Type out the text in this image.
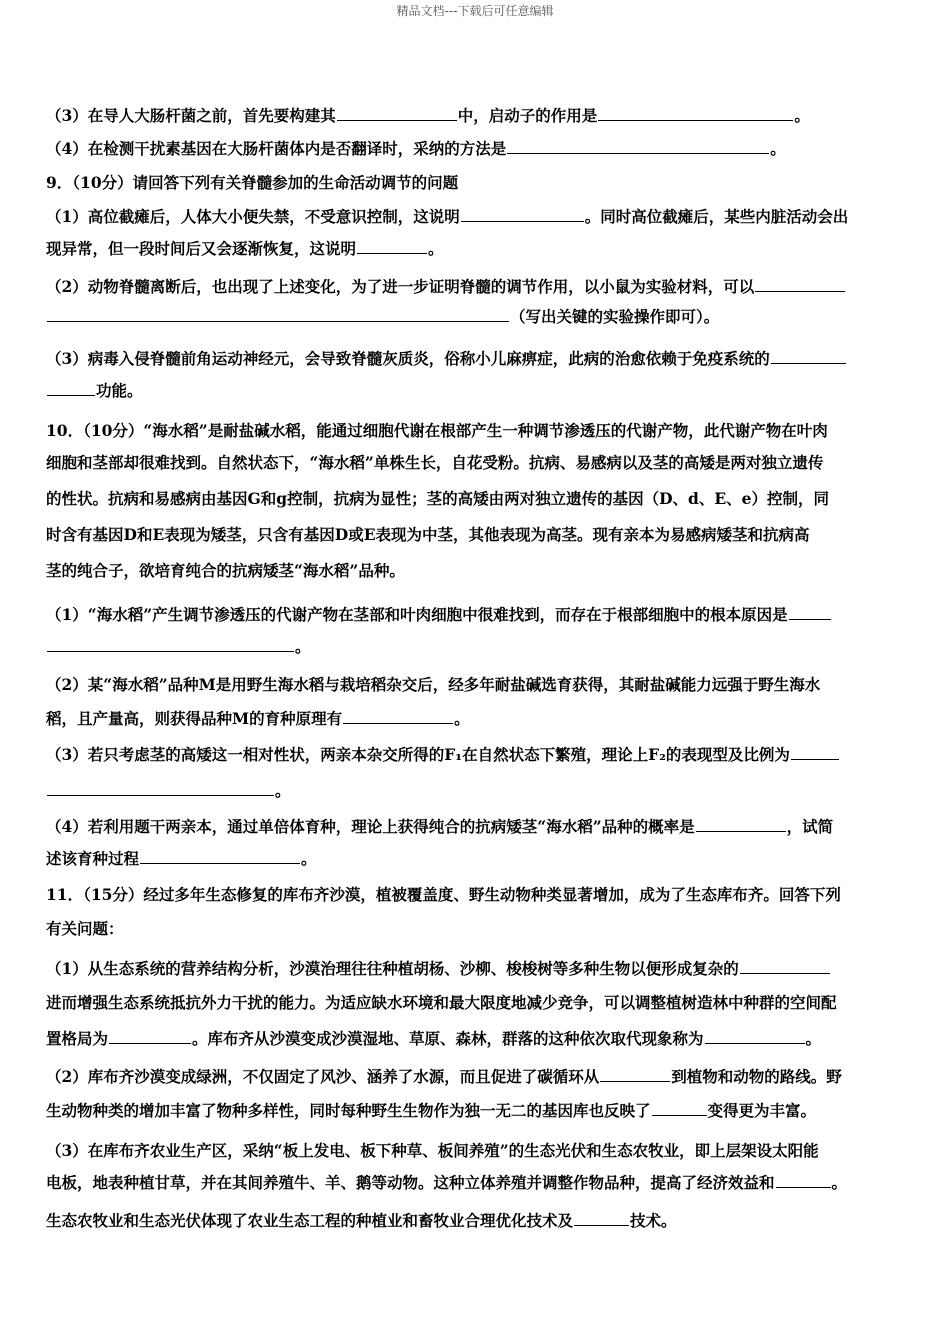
精品文档---下载后可任意编辑
（3）在导人大肠杆菌之前，首先要构建其	中，启动子的作用是	。
（4）在检测干扰素基因在大肠杆菌体内是否翻译时，采纳的方法是	。
9．（10分）请回答下列有关脊髓参加的生命活动调节的问题
（1）高位截瘫后，人体大小便失禁，不受意识控制，这说明	。同时高位截瘫后，某些内脏活动会出
现异常，但一段时间后又会逐渐恢复，这说明	。
（2）动物脊髓离断后，也出现了上述变化，为了进一步证明脊髓的调节作用，以小鼠为实验材料，可以
（写出关键的实验操作即可）。
（3）病毒入侵脊髓前角运动神经元，会导致脊髓灰质炎，俗称小儿麻痹症，此病的治愈依赖于免疫系统的
功能。
10．（10分）“海水稻”是耐盐碱水稻，能通过细胞代谢在根部产生一种调节渗透压的代谢产物，此代谢产物在叶肉
细胞和茎部却很难找到。自然状态下，“海水稻”单株生长，自花受粉。抗病、易感病以及茎的高矮是两对独立遗传
的性状。抗病和易感病由基因G和g控制，抗病为显性；茎的高矮由两对独立遗传的基因（D、d、E、e）控制，同
时含有基因D和E表现为矮茎，只含有基因D或E表现为中茎，其他表现为高茎。现有亲本为易感病矮茎和抗病高
茎的纯合子，欲培育纯合的抗病矮茎“海水稻”品种。
（1）“海水稻”产生调节渗透压的代谢产物在茎部和叶肉细胞中很难找到，而存在于根部细胞中的根本原因是
。
（2）某“海水稻”品种M是用野生海水稻与栽培稻杂交后，经多年耐盐碱选育获得，其耐盐碱能力远强于野生海水
稻，且产量高，则获得品种M的育种原理有	。
（3）若只考虑茎的高矮这一相对性状，两亲本杂交所得的F₁在自然状态下繁殖，理论上F₂的表现型及比例为
。
（4）若利用题干两亲本，通过单倍体育种，理论上获得纯合的抗病矮茎“海水稻”品种的概率是	，试简
述该育种过程	。
11．（15分）经过多年生态修复的库布齐沙漠，植被覆盖度、野生动物种类显著增加，成为了生态库布齐。回答下列
有关问题：
（1）从生态系统的营养结构分析，沙漠治理往往种植胡杨、沙柳、梭梭树等多种生物以便形成复杂的
进而增强生态系统抵抗外力干扰的能力。为适应缺水环境和最大限度地减少竞争，可以调整植树造林中种群的空间配
置格局为	。库布齐从沙漠变成沙漠湿地、草原、森林，群落的这种依次取代现象称为	。
（2）库布齐沙漠变成绿洲，不仅固定了风沙、涵养了水源，而且促进了碳循环从	到植物和动物的路线。野
生动物种类的增加丰富了物种多样性，同时每种野生生物作为独一无二的基因库也反映了	变得更为丰富。
（3）在库布齐农业生产区，采纳“板上发电、板下种草、板间养殖”的生态光伏和生态农牧业，即上层架设太阳能
电板，地表种植甘草，并在其间养殖牛、羊、鹅等动物。这种立体养殖并调整作物品种，提高了经济效益和	。
生态农牧业和生态光伏体现了农业生态工程的种植业和畜牧业合理优化技术及	技术。
